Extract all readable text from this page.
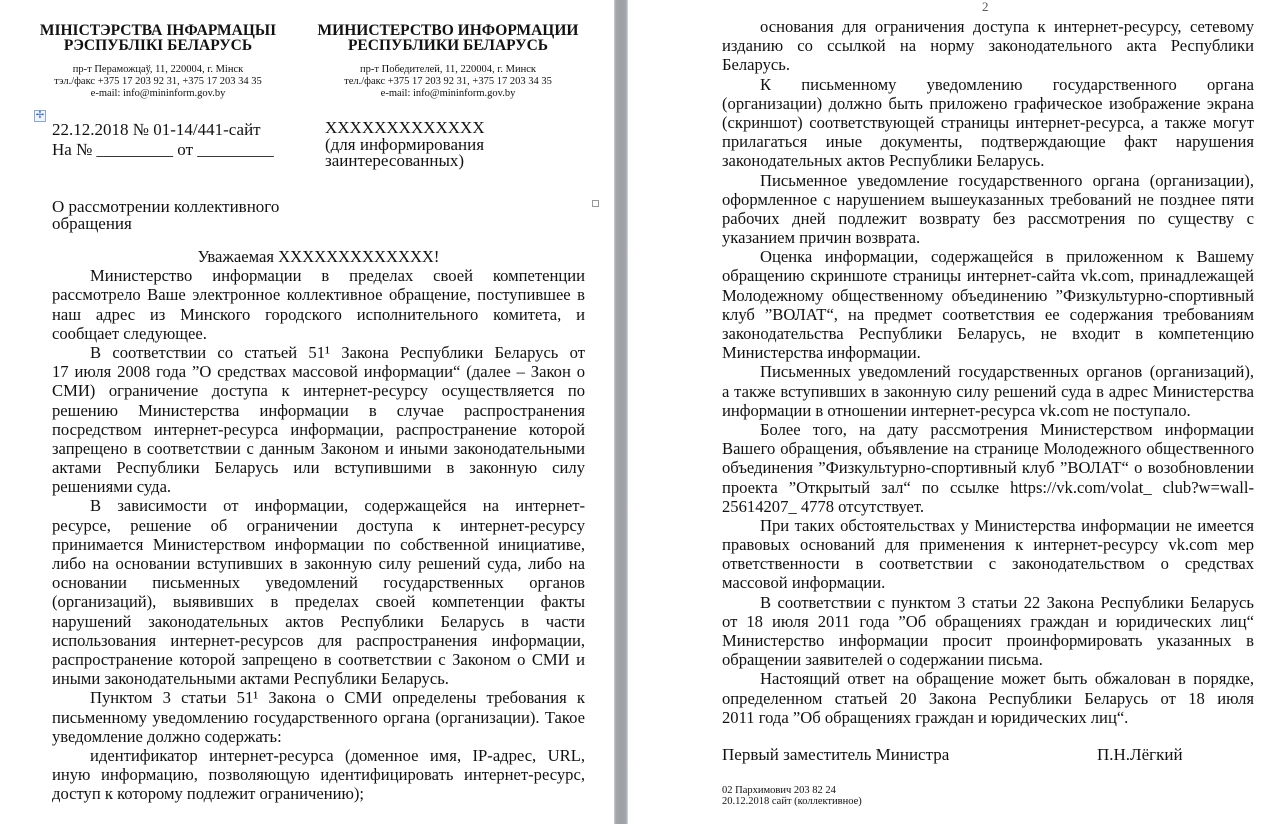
МІНІСТЭРСТВА ІНФАРМАЦЫІ
РЭСПУБЛІКІ БЕЛАРУСЬ
пр-т Пераможцаў, 11, 220004, г. Мінск
тэл./факс +375 17 203 92 31, +375 17 203 34 35
e-mail: info@mininform.gov.by
МИНИСТЕРСТВО ИНФОРМАЦИИ
РЕСПУБЛИКИ БЕЛАРУСЬ
пр-т Победителей, 11, 220004, г. Минск
тел./факс +375 17 203 92 31, +375 17 203 34 35
e-mail: info@mininform.gov.by
✢
22.12.2018 № 01-14/441-сайт
На № _________ от _________
XXXXXXXXXXXXX
(для информирования
заинтересованных)
О рассмотрении коллективного
обращения
Уважаемая XXXXXXXXXXXXX!
Министерство информации в пределах своей компетенции
рассмотрело Ваше электронное коллективное обращение, поступившее в
наш адрес из Минского городского исполнительного комитета, и
сообщает следующее.
В соответствии со статьей 51¹ Закона Республики Беларусь от
17 июля 2008 года ”О средствах массовой информации“ (далее – Закон о
СМИ) ограничение доступа к интернет-ресурсу осуществляется по
решению Министерства информации в случае распространения
посредством интернет-ресурса информации, распространение которой
запрещено в соответствии с данным Законом и иными законодательными
актами Республики Беларусь или вступившими в законную силу
решениями суда.
В зависимости от информации, содержащейся на интернет-
ресурсе, решение об ограничении доступа к интернет-ресурсу
принимается Министерством информации по собственной инициативе,
либо на основании вступивших в законную силу решений суда, либо на
основании письменных уведомлений государственных органов
(организаций), выявивших в пределах своей компетенции факты
нарушений законодательных актов Республики Беларусь в части
использования интернет-ресурсов для распространения информации,
распространение которой запрещено в соответствии с Законом о СМИ и
иными законодательными актами Республики Беларусь.
Пунктом 3 статьи 51¹ Закона о СМИ определены требования к
письменному уведомлению государственного органа (организации). Такое
уведомление должно содержать:
идентификатор интернет-ресурса (доменное имя, IP-адрес, URL,
иную информацию, позволяющую идентифицировать интернет-ресурс,
доступ к которому подлежит ограничению);
2
основания для ограничения доступа к интернет-ресурсу, сетевому
изданию со ссылкой на норму законодательного акта Республики
Беларусь.
К письменному уведомлению государственного органа
(организации) должно быть приложено графическое изображение экрана
(скриншот) соответствующей страницы интернет-ресурса, а также могут
прилагаться иные документы, подтверждающие факт нарушения
законодательных актов Республики Беларусь.
Письменное уведомление государственного органа (организации),
оформленное с нарушением вышеуказанных требований не позднее пяти
рабочих дней подлежит возврату без рассмотрения по существу с
указанием причин возврата.
Оценка информации, содержащейся в приложенном к Вашему
обращению скриншоте страницы интернет-сайта vk.com, принадлежащей
Молодежному общественному объединению ”Физкультурно-спортивный
клуб ”ВОЛАТ“, на предмет соответствия ее содержания требованиям
законодательства Республики Беларусь, не входит в компетенцию
Министерства информации.
Письменных уведомлений государственных органов (организаций),
а также вступивших в законную силу решений суда в адрес Министерства
информации в отношении интернет-ресурса vk.com не поступало.
Более того, на дату рассмотрения Министерством информации
Вашего обращения, объявление на странице Молодежного общественного
объединения ”Физкультурно-спортивный клуб ”ВОЛАТ“ о возобновлении
проекта ”Открытый зал“ по ссылке https://vk.com/volat_ club?w=wall-
25614207_ 4778 отсутствует.
При таких обстоятельствах у Министерства информации не имеется
правовых оснований для применения к интернет-ресурсу vk.com мер
ответственности в соответствии с законодательством о средствах
массовой информации.
В соответствии с пунктом 3 статьи 22 Закона Республики Беларусь
от 18 июля 2011 года ”Об обращениях граждан и юридических лиц“
Министерство информации просит проинформировать указанных в
обращении заявителей о содержании письма.
Настоящий ответ на обращение может быть обжалован в порядке,
определенном статьей 20 Закона Республики Беларусь от 18 июля
2011 года ”Об обращениях граждан и юридических лиц“.
Первый заместитель Министра	П.Н.Лёгкий
02 Пархимович 203 82 24
20.12.2018 сайт (коллективное)
